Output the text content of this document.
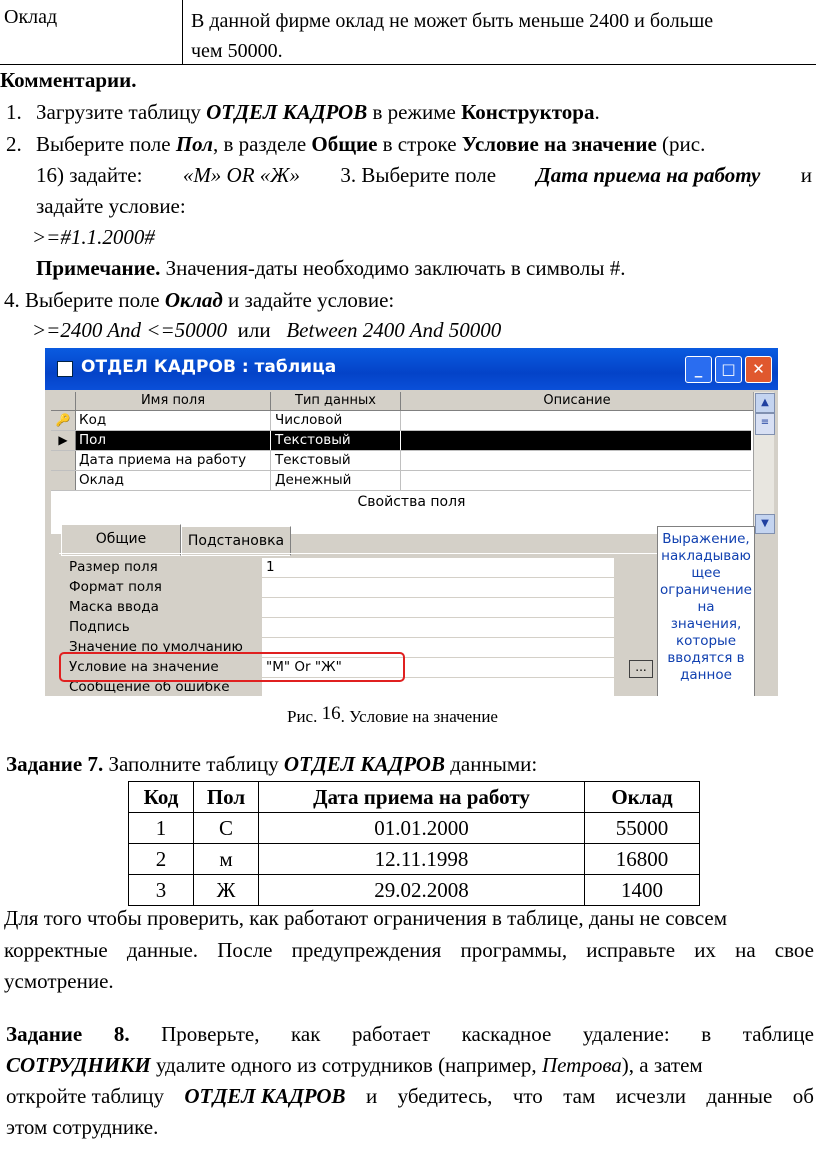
Оклад	В данной фирме оклад не может быть меньше 2400 и больше
чем 50000.
Комментарии.
1. Загрузите таблицу ОТДЕЛ КАДРОВ в режиме Конструктора.
2. Выберите поле Пол, в разделе Общие в строке Условие на значение (рис.
16) задайте: «М» OR «Ж» 3. Выберите поле Дата приема на работу и
задайте условие:
>=#1.1.2000#
Примечание. Значения-даты необходимо заключать в символы #.
4. Выберите поле Оклад и задайте условие:
>=2400 And <=50000  или   Between 2400 And 50000
ОТДЕЛ КАДРОВ : таблица	_	□	✕
Имя поля	Тип данных	Описание
🔑 Код	Числовой
▶ Пол	Текстовый
Дата приема на работу Текстовый
Оклад	Денежный
▲
≡
▼
Свойства поля
Общие	Подстановка
Размер поля	1
Формат поля
Маска ввода
Подпись
Значение по умолчанию
Условие на значение	"М" Or "Ж"
Сообщение об ошибке
...
Выражение,
накладываю
щее
ограничение
на
значения,
которые
вводятся в
данное
Рис. 16. Условие на значение
Задание 7. Заполните таблицу ОТДЕЛ КАДРОВ данными:
Код	Пол	Дата приема на работу	Оклад
1	С	01.01.2000	55000
2	м	12.11.1998	16800
3	Ж	29.02.2008	1400
Для того чтобы проверить, как работают ограничения в таблице, даны не совсем
корректные данные. После предупреждения программы, исправьте их на свое
усмотрение.
Задание 8. Проверьте, как работает каскадное удаление: в таблице
СОТРУДНИКИ удалите одного из сотрудников (например, Петрова), а затем
откройте таблицу ОТДЕЛ КАДРОВ и убедитесь, что там исчезли данные об
этом сотруднике.
